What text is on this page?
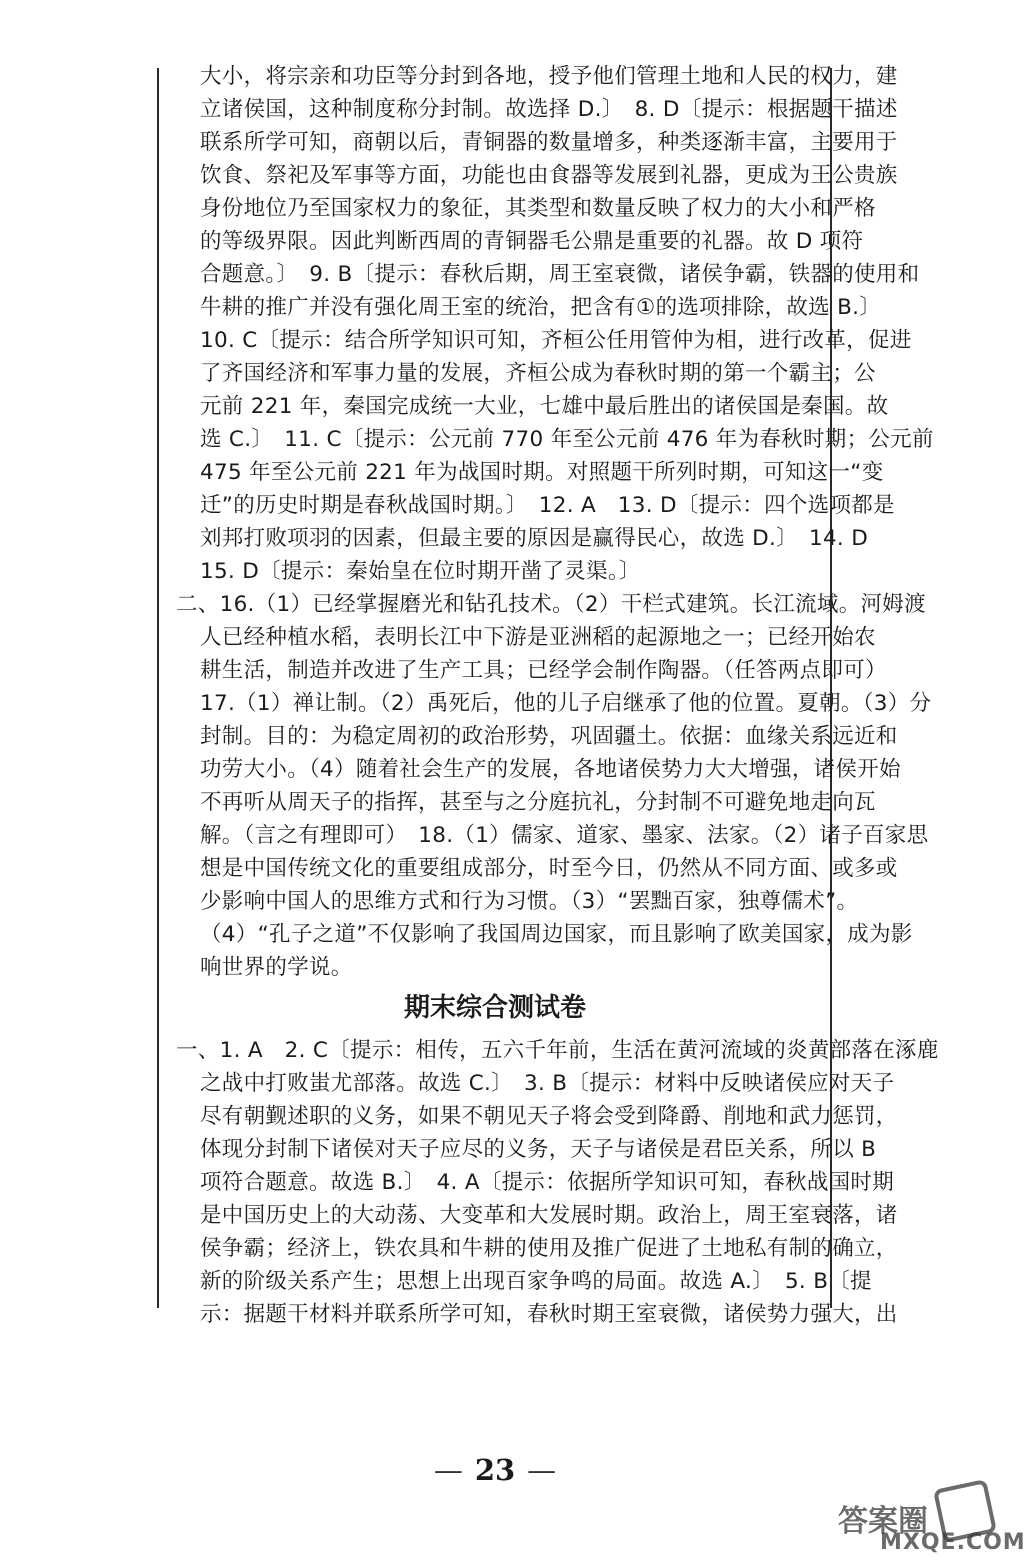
大小，将宗亲和功臣等分封到各地，授予他们管理土地和人民的权力，建
立诸侯国，这种制度称分封制。故选择 D.〕　8. D〔提示：根据题干描述
联系所学可知，商朝以后，青铜器的数量增多，种类逐渐丰富，主要用于
饮食、祭祀及军事等方面，功能也由食器等发展到礼器，更成为王公贵族
身份地位乃至国家权力的象征，其类型和数量反映了权力的大小和严格
的等级界限。因此判断西周的青铜器毛公鼎是重要的礼器。故 D 项符
合题意。〕　9. B〔提示：春秋后期，周王室衰微，诸侯争霸，铁器的使用和
牛耕的推广并没有强化周王室的统治，把含有①的选项排除，故选 B.〕
10. C〔提示：结合所学知识可知，齐桓公任用管仲为相，进行改革，促进
了齐国经济和军事力量的发展，齐桓公成为春秋时期的第一个霸主；公
元前 221 年，秦国完成统一大业，七雄中最后胜出的诸侯国是秦国。故
选 C.〕　11. C〔提示：公元前 770 年至公元前 476 年为春秋时期；公元前
475 年至公元前 221 年为战国时期。对照题干所列时期，可知这一“变
迁”的历史时期是春秋战国时期。〕　12. A　13. D〔提示：四个选项都是
刘邦打败项羽的因素，但最主要的原因是赢得民心，故选 D.〕　14. D
15. D〔提示：秦始皇在位时期开凿了灵渠。〕
二、16.（1）已经掌握磨光和钻孔技术。（2）干栏式建筑。长江流域。河姆渡
人已经种植水稻，表明长江中下游是亚洲稻的起源地之一；已经开始农
耕生活，制造并改进了生产工具；已经学会制作陶器。（任答两点即可）
17.（1）禅让制。（2）禹死后，他的儿子启继承了他的位置。夏朝。（3）分
封制。目的：为稳定周初的政治形势，巩固疆土。依据：血缘关系远近和
功劳大小。（4）随着社会生产的发展，各地诸侯势力大大增强，诸侯开始
不再听从周天子的指挥，甚至与之分庭抗礼，分封制不可避免地走向瓦
解。（言之有理即可）　18.（1）儒家、道家、墨家、法家。（2）诸子百家思
想是中国传统文化的重要组成部分，时至今日，仍然从不同方面、或多或
少影响中国人的思维方式和行为习惯。（3）“罢黜百家，独尊儒术”。
（4）“孔子之道”不仅影响了我国周边国家，而且影响了欧美国家，成为影
响世界的学说。
期末综合测试卷
一、1. A　2. C〔提示：相传，五六千年前，生活在黄河流域的炎黄部落在涿鹿
之战中打败蚩尤部落。故选 C.〕　3. B〔提示：材料中反映诸侯应对天子
尽有朝觐述职的义务，如果不朝见天子将会受到降爵、削地和武力惩罚，
体现分封制下诸侯对天子应尽的义务，天子与诸侯是君臣关系，所以 B
项符合题意。故选 B.〕　4. A〔提示：依据所学知识可知，春秋战国时期
是中国历史上的大动荡、大变革和大发展时期。政治上，周王室衰落，诸
侯争霸；经济上，铁农具和牛耕的使用及推广促进了土地私有制的确立，
新的阶级关系产生；思想上出现百家争鸣的局面。故选 A.〕　5. B〔提
示：据题干材料并联系所学可知，春秋时期王室衰微，诸侯势力强大，出
— 23 —
答案圈
MXQE.COM
